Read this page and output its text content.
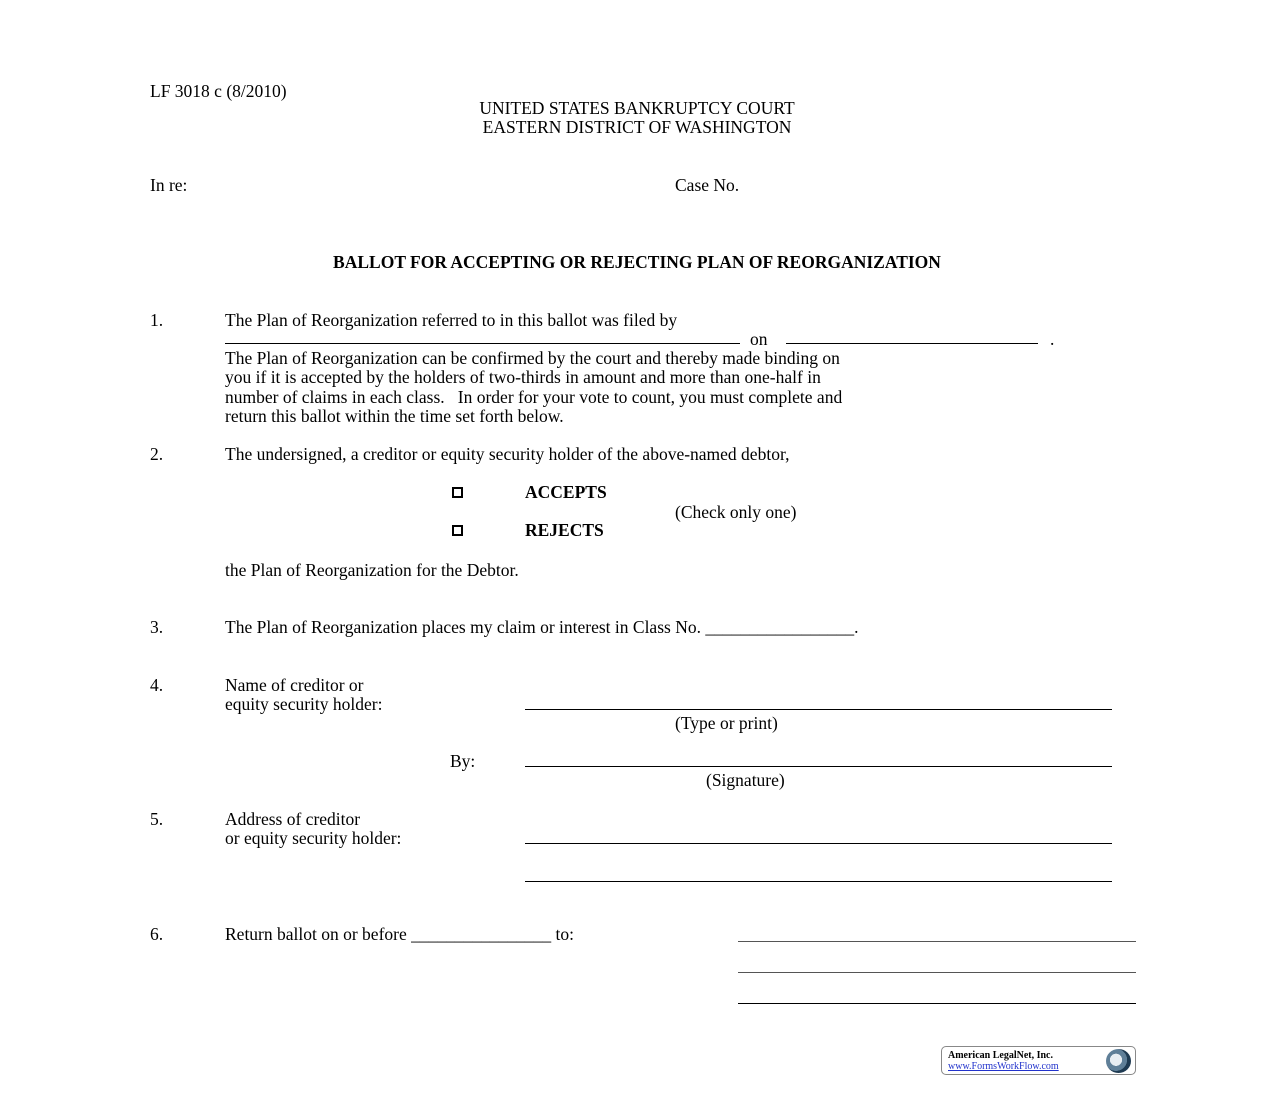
LF 3018 c (8/2010)
UNITED STATES BANKRUPTCY COURT
EASTERN DISTRICT OF WASHINGTON
In re:	Case No.
BALLOT FOR ACCEPTING OR REJECTING PLAN OF REORGANIZATION
1.	The Plan of Reorganization referred to in this ballot was filed by
on	.
The Plan of Reorganization can be confirmed by the court and thereby made binding on
you if it is accepted by the holders of two-thirds in amount and more than one-half in
number of claims in each class.   In order for your vote to count, you must complete and
return this ballot within the time set forth below.
2.	The undersigned, a creditor or equity security holder of the above-named debtor,
ACCEPTS
(Check only one)
REJECTS
the Plan of Reorganization for the Debtor.
3.	The Plan of Reorganization places my claim or interest in Class No. _________________.
4.	Name of creditor or
equity security holder:
(Type or print)
By:
(Signature)
5.	Address of creditor
or equity security holder:
6.	Return ballot on or before ________________ to:
American LegalNet, Inc.
www.FormsWorkFlow.com
